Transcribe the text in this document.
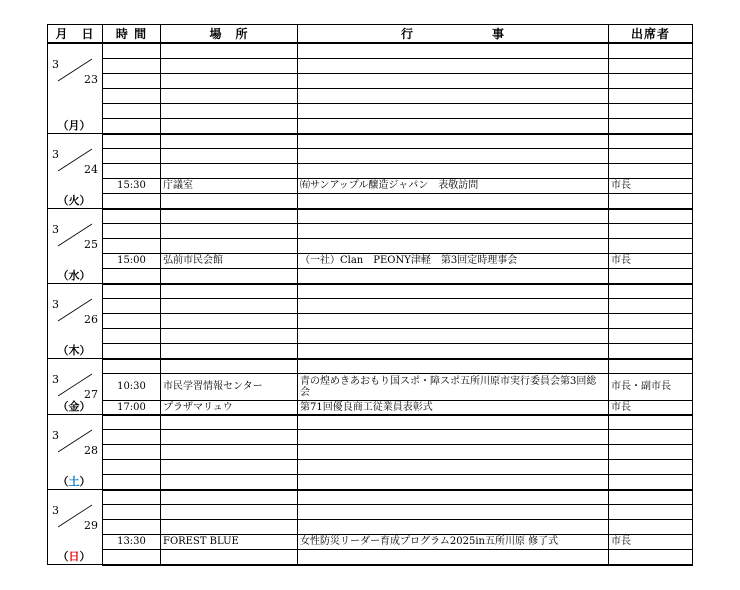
月　日	時 間	場　所	行　　　　　　事	出席者

3
23
（月）				

3
24
（火）				

	15:30	庁議室	㈲サンアップル醸造ジャパン　表敬訪問	市長

3
25
（水）				

	15:00	弘前市民会館	（一社）Clan　PEONY津軽　第3回定時理事会	市長

3
26
（木）				

3
27
（金）				

	10:30	市民学習情報センター	青の煌めきあおもり国スポ・障スポ五所川原市実行委員会第3回総会	市長・副市長
	17:00	プラザマリュウ	第71回優良商工従業員表彰式	市長

3
28
（土）				

3
29
（日）				

	13:30	FOREST BLUE	女性防災リーダー育成プログラム2025in五所川原 修了式	市長
